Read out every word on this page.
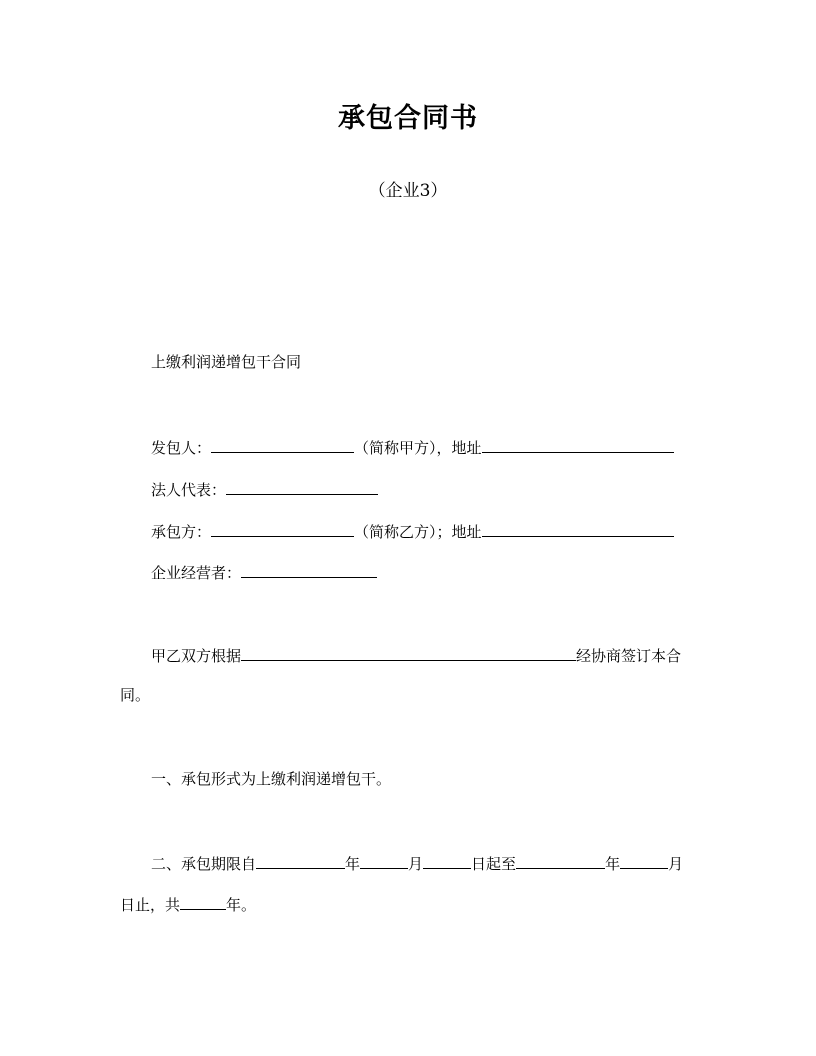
承包合同书
（企业3）
上缴利润递增包干合同
发包人：	（简称甲方），地址
法人代表：
承包方：	（简称乙方）；地址
企业经营者：
甲乙双方根据	经协商签订本合
同。
一、承包形式为上缴利润递增包干。
二、承包期限自	年	月	日起至	年	月
日止，共	年。
